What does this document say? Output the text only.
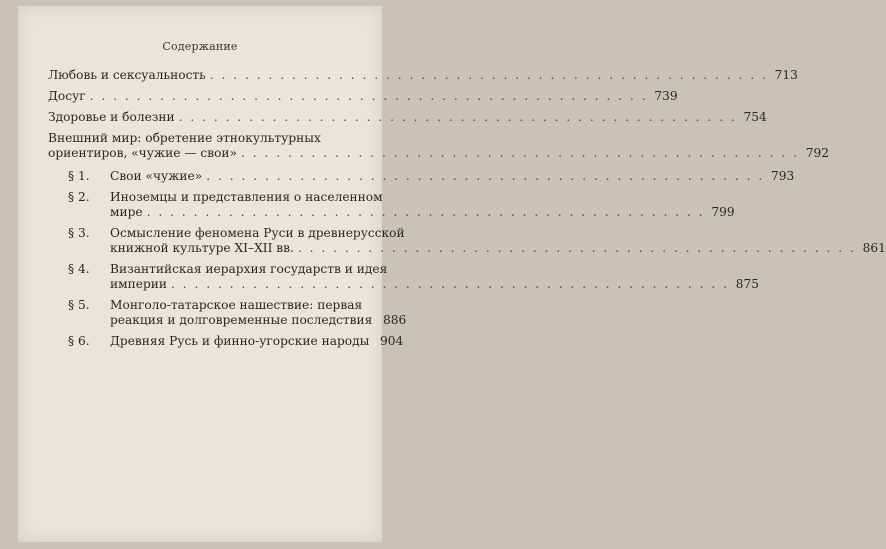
Содержание
Любовь и сексуальность . . .	713
Досуг . . .	739
Здоровье и болезни . . .	754
Внешний мир: обретение этнокультурных
ориентиров, «чужие — свои» . . .	792
§ 1.	Свои «чужие» . . .	793
§ 2.	Иноземцы и представления о населенном
мире . . .	799
§ 3.	Осмысление феномена Руси в древнерусской
книжной культуре XI–XII вв. . . .	861
§ 4.	Византийская иерархия государств и идея
империи . . .	875
§ 5.	Монголо-татарское нашествие: первая
реакция и долговременные последствия 886
§ 6.	Древняя Русь и финно-угорские народы 904
